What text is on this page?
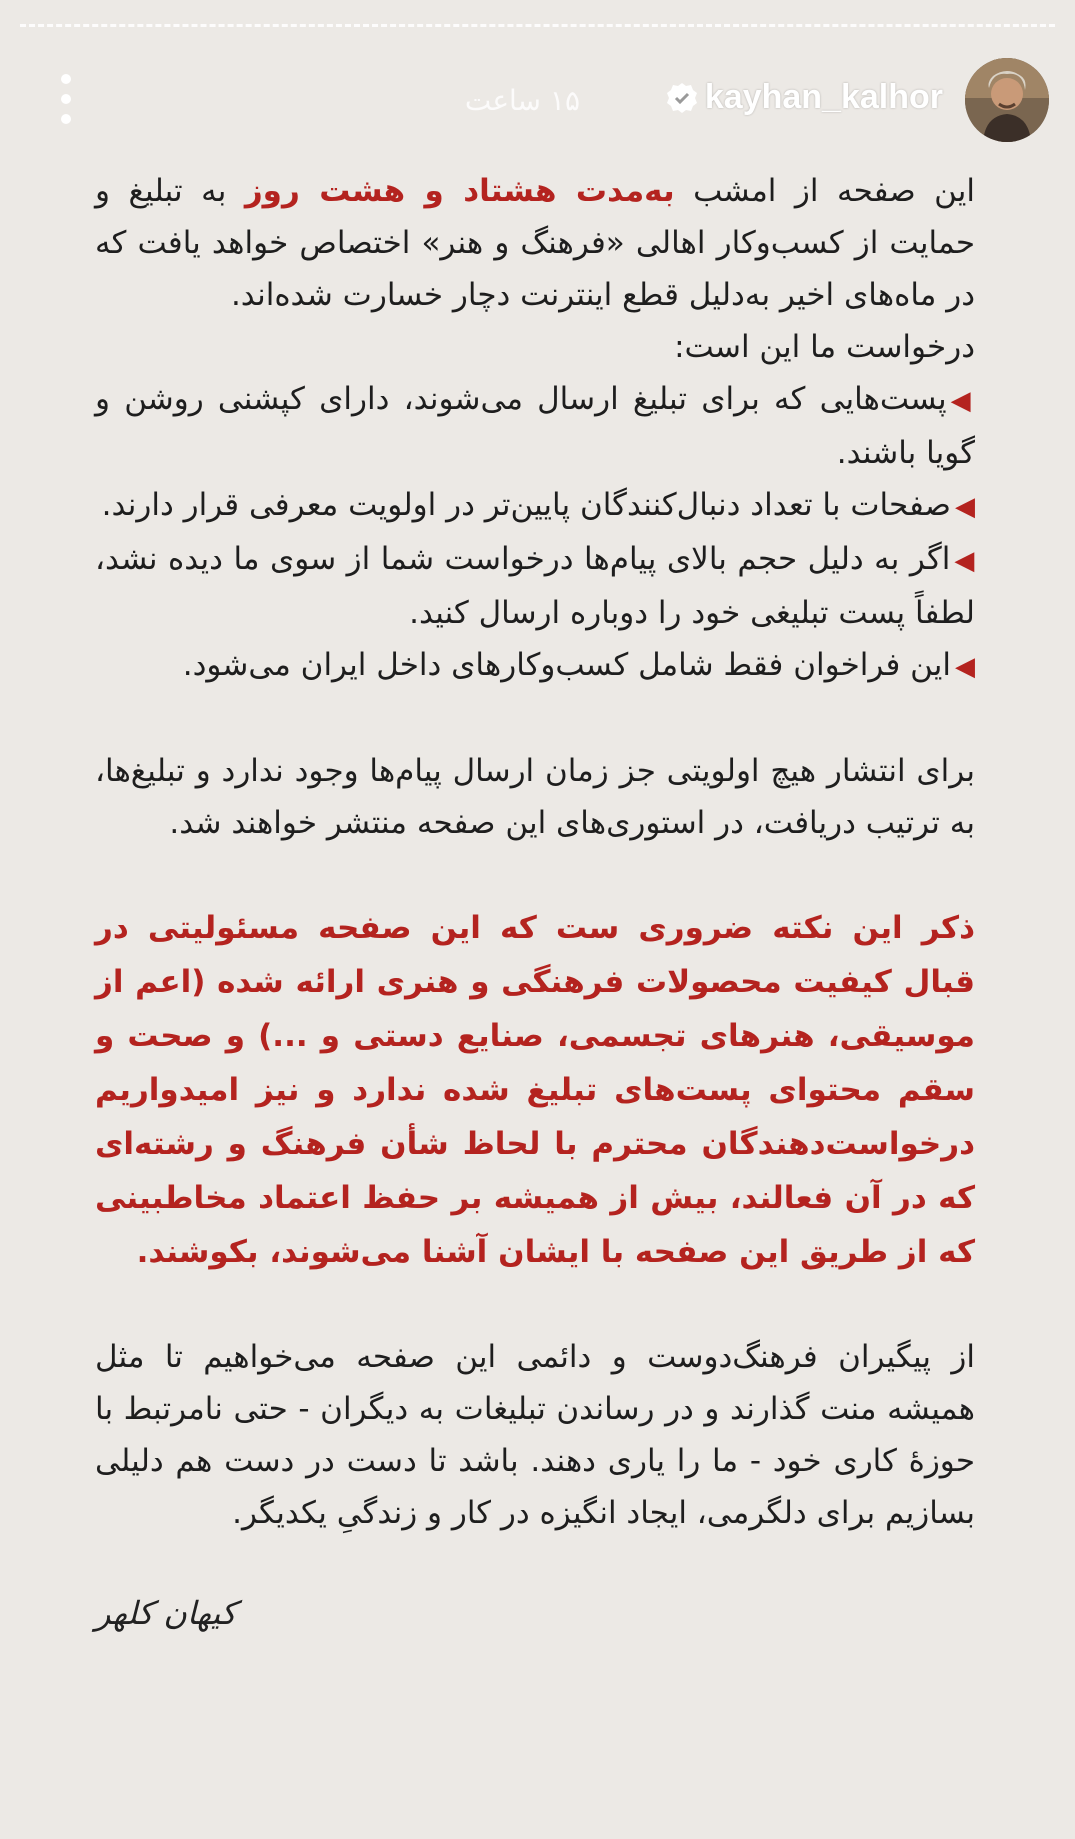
kayhan_kalhor
۱۵ ساعت

این صفحه از امشب به‌مدت هشتاد و هشت روز به تبلیغ و حمایت از کسب‌وکار اهالی «فرهنگ و هنر» اختصاص خواهد یافت که در ماه‌های اخیر به‌دلیل قطع اینترنت دچار خسارت شده‌اند.

درخواست ما این است:

◀پست‌هایی که برای تبلیغ ارسال می‌شوند، دارای کپشنی روشن و گویا باشند.
◀صفحات با تعداد دنبال‌کنندگان پایین‌تر در اولویت معرفی قرار دارند.
◀اگر به دلیل حجم بالای پیام‌ها درخواست شما از سوی ما دیده نشد، لطفاً پست تبلیغی خود را دوباره ارسال کنید.
◀این فراخوان فقط شامل کسب‌وکارهای داخل ایران می‌شود.

برای انتشار هیچ اولویتی جز زمان ارسال پیام‌ها وجود ندارد و تبلیغ‌ها، به ترتیب دریافت، در استوری‌های این صفحه منتشر خواهند شد.

ذکر این نکته ضروری ست که این صفحه مسئولیتی در قبال کیفیت محصولات فرهنگی و هنری ارائه شده (اعم از موسیقی، هنرهای تجسمی، صنایع دستی و ...) و صحت و سقم محتوای پست‌های تبلیغ شده ندارد و نیز امیدواریم درخواست‌دهندگان محترم با لحاظ شأن فرهنگ و رشته‌ای که در آن فعالند، بیش از همیشه بر حفظ اعتماد مخاطبینی که از طریق این صفحه با ایشان آشنا می‌شوند، بکوشند.

از پیگیران فرهنگ‌دوست و دائمی این صفحه می‌خواهیم تا مثل همیشه منت گذارند و در رساندن تبلیغات به دیگران - حتی نامرتبط با حوزهٔ کاری خود - ما را یاری دهند. باشد تا دست در دست هم دلیلی بسازیم برای دلگرمی، ایجاد انگیزه در کار و زندگیِ یکدیگر.

کیهان کلهر
